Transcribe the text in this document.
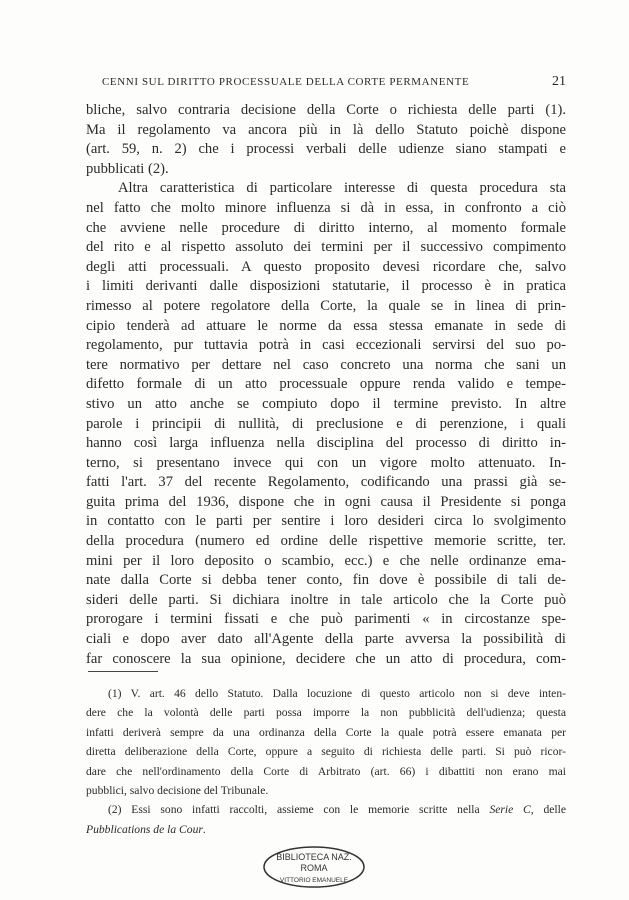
CENNI SUL DIRITTO PROCESSUALE DELLA CORTE PERMANENTE	21
bliche, salvo contraria decisione della Corte o richiesta delle parti (1).
Ma il regolamento va ancora più in là dello Statuto poichè dispone
(art. 59, n. 2) che i processi verbali delle udienze siano stampati e
pubblicati (2).
Altra caratteristica di particolare interesse di questa procedura sta
nel fatto che molto minore influenza si dà in essa, in confronto a ciò
che avviene nelle procedure di diritto interno, al momento formale
del rito e al rispetto assoluto dei termini per il successivo compimento
degli atti processuali. A questo proposito devesi ricordare che, salvo
i limiti derivanti dalle disposizioni statutarie, il processo è in pratica
rimesso al potere regolatore della Corte, la quale se in linea di prin-
cipio tenderà ad attuare le norme da essa stessa emanate in sede di
regolamento, pur tuttavia potrà in casi eccezionali servirsi del suo po-
tere normativo per dettare nel caso concreto una norma che sani un
difetto formale di un atto processuale oppure renda valido e tempe-
stivo un atto anche se compiuto dopo il termine previsto. In altre
parole i principii di nullità, di preclusione e di perenzione, i quali
hanno così larga influenza nella disciplina del processo di diritto in-
terno, si presentano invece qui con un vigore molto attenuato. In-
fatti l'art. 37 del recente Regolamento, codificando una prassi già se-
guita prima del 1936, dispone che in ogni causa il Presidente si ponga
in contatto con le parti per sentire i loro desideri circa lo svolgimento
della procedura (numero ed ordine delle rispettive memorie scritte, ter.
mini per il loro deposito o scambio, ecc.) e che nelle ordinanze ema-
nate dalla Corte si debba tener conto, fin dove è possibile di tali de-
sideri delle parti. Si dichiara inoltre in tale articolo che la Corte può
prorogare i termini fissati e che può parimenti « in circostanze spe-
ciali e dopo aver dato all'Agente della parte avversa la possibilità di
far conoscere la sua opinione, decidere che un atto di procedura, com-
(1) V. art. 46 dello Statuto. Dalla locuzione di questo articolo non si deve inten-
dere che la volontà delle parti possa imporre la non pubblicità dell'udienza; questa
infatti deriverà sempre da una ordinanza della Corte la quale potrà essere emanata per
diretta deliberazione della Corte, oppure a seguito di richiesta delle parti. Si può ricor-
dare che nell'ordinamento della Corte di Arbitrato (art. 66) i dibattiti non erano mai
pubblici, salvo decisione del Tribunale.
(2) Essi sono infatti raccolti, assieme con le memorie scritte nella Serie C, delle
Pubblications de la Cour.
BIBLIOTECA NAZ.
ROMA
VITTORIO EMANUELE
